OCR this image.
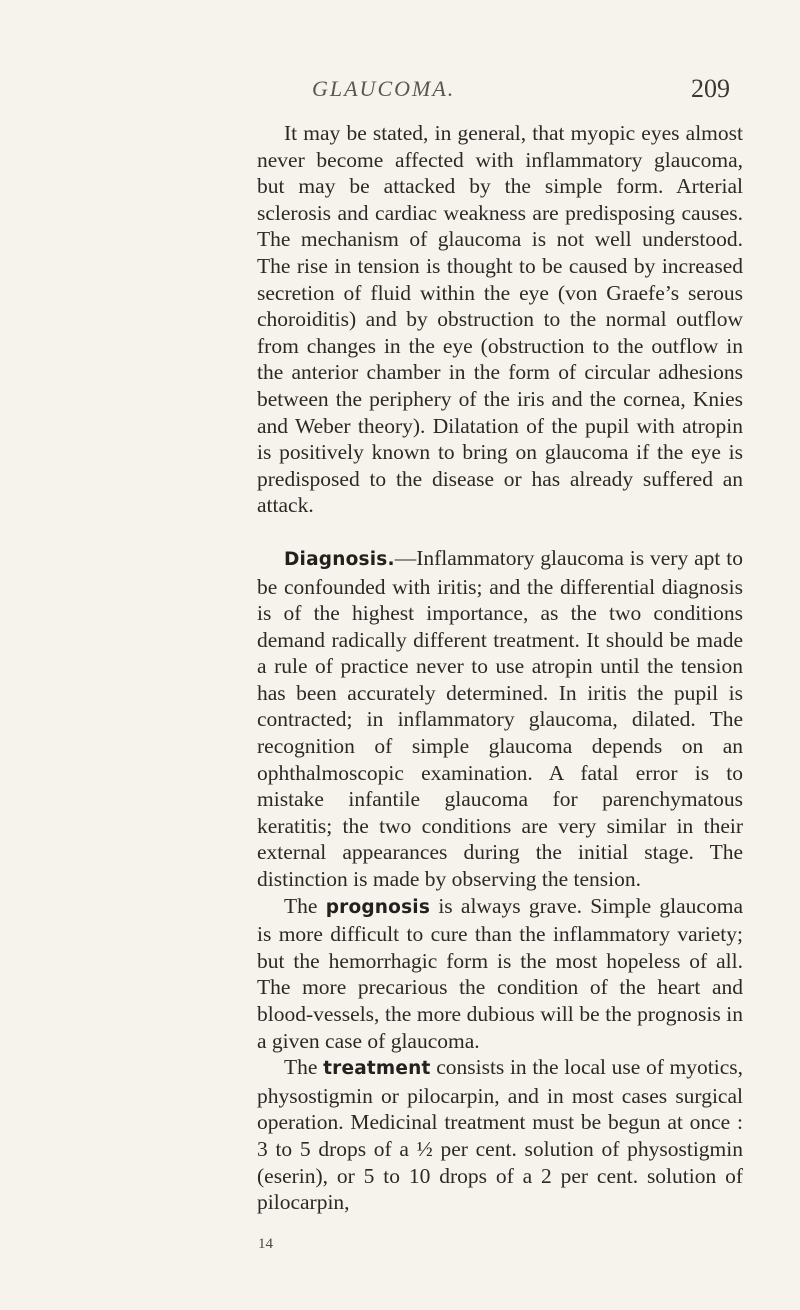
GLAUCOMA.	209

It may be stated, in general, that myopic eyes almost never become affected with inflammatory glaucoma, but may be attacked by the simple form. Arterial sclerosis and cardiac weakness are predisposing causes. The mechanism of glaucoma is not well understood. The rise in tension is thought to be caused by increased secretion of fluid within the eye (von Graefe’s serous choroiditis) and by obstruction to the normal outflow from changes in the eye (obstruction to the outflow in the anterior chamber in the form of circular adhesions between the periphery of the iris and the cornea, Knies and Weber theory). Dilatation of the pupil with atropin is positively known to bring on glaucoma if the eye is predisposed to the disease or has already suffered an attack.

Diagnosis.—Inflammatory glaucoma is very apt to be confounded with iritis; and the differential diagnosis is of the highest importance, as the two conditions demand radically different treatment. It should be made a rule of practice never to use atropin until the tension has been accurately determined. In iritis the pupil is contracted; in inflammatory glaucoma, dilated. The recognition of simple glaucoma depends on an ophthalmoscopic examination. A fatal error is to mistake infantile glaucoma for parenchymatous keratitis; the two conditions are very similar in their external appearances during the initial stage. The distinction is made by observing the tension.

The prognosis is always grave. Simple glaucoma is more difficult to cure than the inflammatory variety; but the hemorrhagic form is the most hopeless of all. The more precarious the condition of the heart and blood-vessels, the more dubious will be the prognosis in a given case of glaucoma.

The treatment consists in the local use of myotics, physostigmin or pilocarpin, and in most cases surgical operation. Medicinal treatment must be begun at once : 3 to 5 drops of a ½ per cent. solution of physostigmin (eserin), or 5 to 10 drops of a 2 per cent. solution of pilocarpin,

14
